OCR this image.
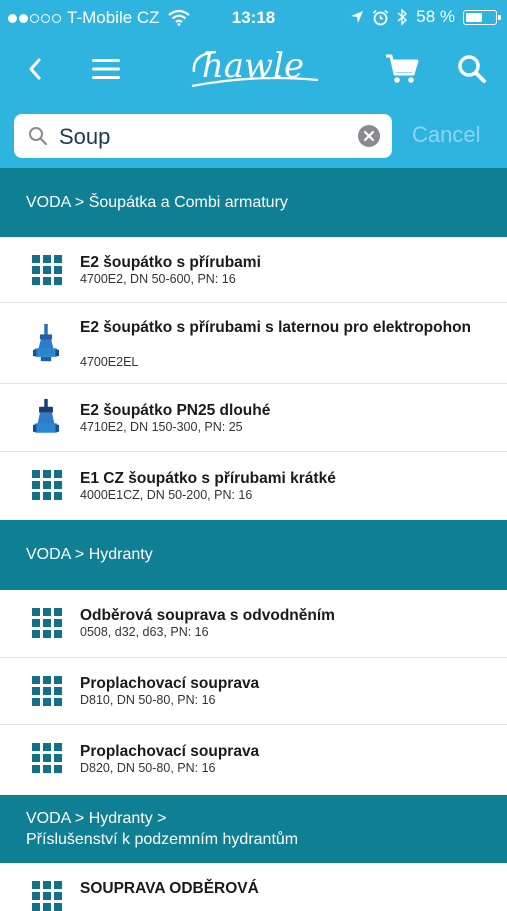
T-Mobile CZ	13:18	58 %
hawle
Soup	Cancel
VODA > Šoupátka a Combi armatury
E2 šoupátko s přírubami
4700E2, DN 50-600, PN: 16
E2 šoupátko s přírubami s laternou pro elektropohon
4700E2EL
E2 šoupátko PN25 dlouhé
4710E2, DN 150-300, PN: 25
E1 CZ šoupátko s přírubami krátké
4000E1CZ, DN 50-200, PN: 16
VODA > Hydranty
Odběrová souprava s odvodněním
0508, d32, d63, PN: 16
Proplachovací souprava
D810, DN 50-80, PN: 16
Proplachovací souprava
D820, DN 50-80, PN: 16
VODA > Hydranty >
Příslušenství k podzemním hydrantům
SOUPRAVA ODBĚROVÁ
